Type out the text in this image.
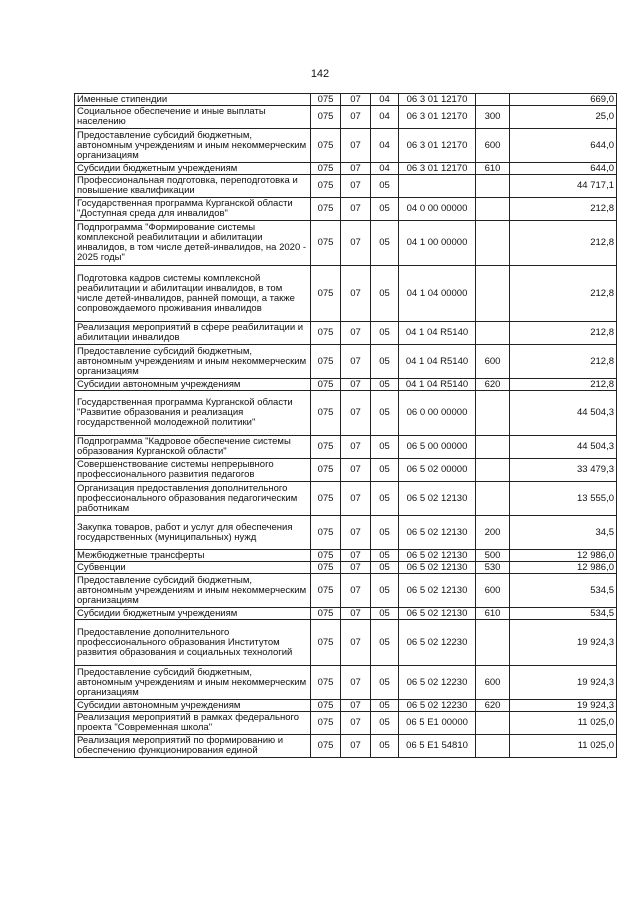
142
Именные стипендии	075	07	04	06 3 01 12170		669,0
Социальное обеспечение и иные выплаты населению	075	07	04	06 3 01 12170	300	25,0
Предоставление субсидий бюджетным, автономным учреждениям и иным некоммерческим организациям	075	07	04	06 3 01 12170	600	644,0
Субсидии бюджетным учреждениям	075	07	04	06 3 01 12170	610	644,0
Профессиональная подготовка, переподготовка и повышение квалификации	075	07	05			44 717,1
Государственная программа Курганской области "Доступная среда для инвалидов"	075	07	05	04 0 00 00000		212,8
Подпрограмма "Формирование системы комплексной реабилитации и абилитации инвалидов, в том числе детей-инвалидов, на 2020 - 2025 годы"	075	07	05	04 1 00 00000		212,8
Подготовка кадров системы комплексной реабилитации и абилитации инвалидов, в том числе детей-инвалидов, ранней помощи, а также сопровождаемого проживания инвалидов	075	07	05	04 1 04 00000		212,8
Реализация мероприятий в сфере реабилитации и абилитации инвалидов	075	07	05	04 1 04 R5140		212,8
Предоставление субсидий бюджетным, автономным учреждениям и иным некоммерческим организациям	075	07	05	04 1 04 R5140	600	212,8
Субсидии автономным учреждениям	075	07	05	04 1 04 R5140	620	212,8
Государственная программа Курганской области "Развитие образования и реализация государственной молодежной политики"	075	07	05	06 0 00 00000		44 504,3
Подпрограмма "Кадровое обеспечение системы образования Курганской области"	075	07	05	06 5 00 00000		44 504,3
Совершенствование системы непрерывного профессионального развития педагогов	075	07	05	06 5 02 00000		33 479,3
Организация предоставления дополнительного профессионального образования педагогическим работникам	075	07	05	06 5 02 12130		13 555,0
Закупка товаров, работ и услуг для обеспечения государственных (муниципальных) нужд	075	07	05	06 5 02 12130	200	34,5
Межбюджетные трансферты	075	07	05	06 5 02 12130	500	12 986,0
Субвенции	075	07	05	06 5 02 12130	530	12 986,0
Предоставление субсидий бюджетным, автономным учреждениям и иным некоммерческим организациям	075	07	05	06 5 02 12130	600	534,5
Субсидии бюджетным учреждениям	075	07	05	06 5 02 12130	610	534,5
Предоставление дополнительного профессионального образования Институтом развития образования и социальных технологий	075	07	05	06 5 02 12230		19 924,3
Предоставление субсидий бюджетным, автономным учреждениям и иным некоммерческим организациям	075	07	05	06 5 02 12230	600	19 924,3
Субсидии автономным учреждениям	075	07	05	06 5 02 12230	620	19 924,3
Реализация мероприятий в рамках федерального проекта "Современная школа"	075	07	05	06 5 E1 00000		11 025,0
Реализация мероприятий по формированию и обеспечению функционирования единой	075	07	05	06 5 E1 54810		11 025,0
